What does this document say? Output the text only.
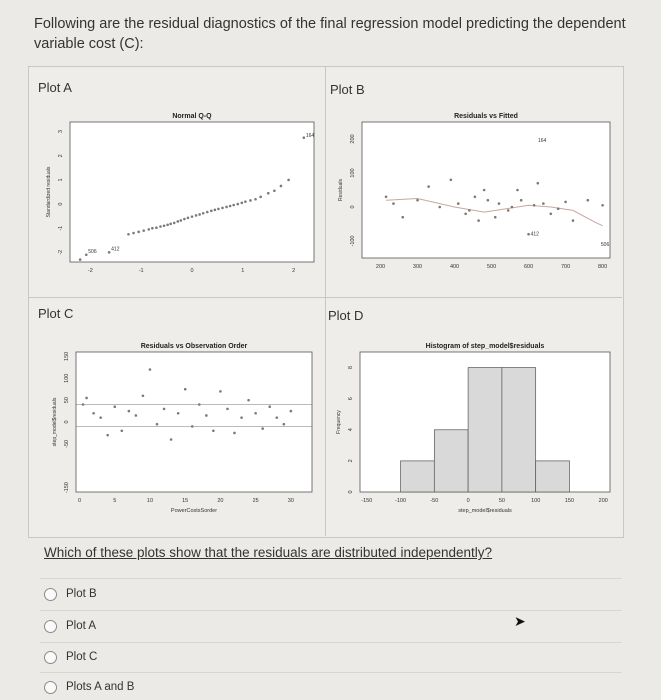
Following are the residual diagnostics of the final regression model predicting the dependent variable cost (C):
Plot A	Plot B
Plot C	Plot D
Normal Q-Q
-2	-1	0	1	2
-2
-1
0
1
2
3
Standardized residuals
506	412
164
Residuals vs Fitted
200	300	400	500	600	700	800
-100
0
100
200
Residuals
164
412
506
Residuals vs Observation Order
0	5	10	15	20	25	30
-150
-50
0
50
100
150
step_model$residuals
PowerCostsSorder
Histogram of step_model$residuals
-150	-100	-50	0	50	100	150	200
0
2
4
6
8
Frequency
step_model$residuals
Which of these plots show that the residuals are distributed independently?
Plot B
Plot A
Plot C
Plots A and B
➤
